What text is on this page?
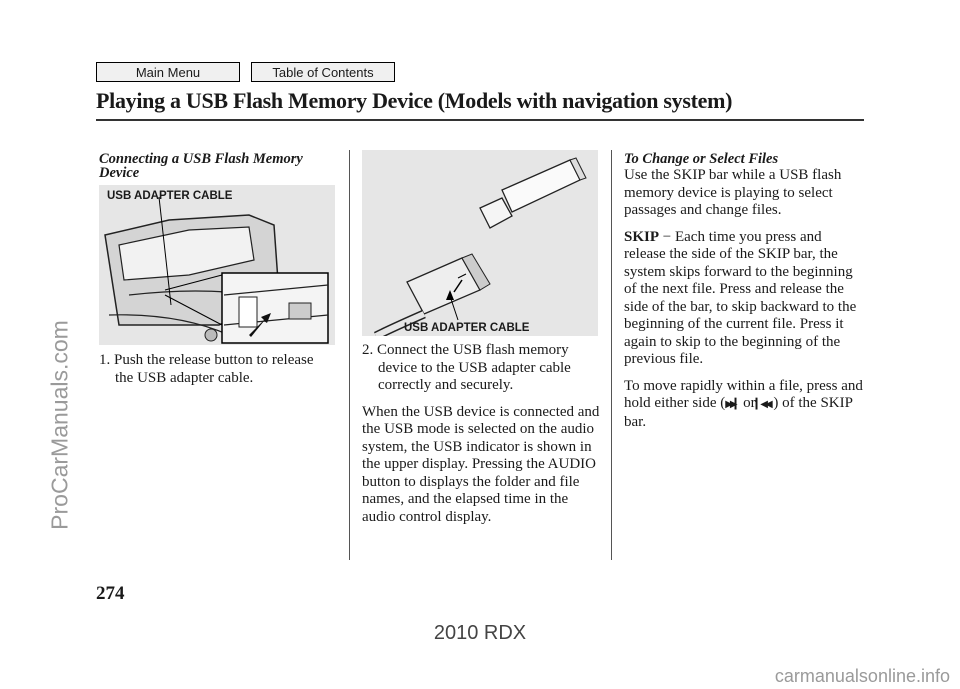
Main Menu	Table of Contents
Playing a USB Flash Memory Device (Models with navigation system)
ProCarManuals.com
Connecting a USB Flash Memory Device
USB ADAPTER CABLE

1. Push the release button to release the USB adapter cable.

USB ADAPTER CABLE

2. Connect the USB flash memory device to the USB adapter cable correctly and securely.

When the USB device is connected and the USB mode is selected on the audio system, the USB indicator is shown in the upper display. Pressing the AUDIO button to displays the folder and file names, and the elapsed time in the audio control display.

To Change or Select Files

Use the SKIP bar while a USB flash memory device is playing to select passages and change files.

SKIP − Each time you press and release the side of the SKIP bar, the system skips forward to the beginning of the next file. Press and release the side of the bar, to skip backward to the beginning of the current file. Press it again to skip to the beginning of the previous file.

To move rapidly within a file, press and hold either side (▶▶▎ or▎◀◀ ) of the SKIP bar.

274
2010 RDX
carmanualsonline.info
